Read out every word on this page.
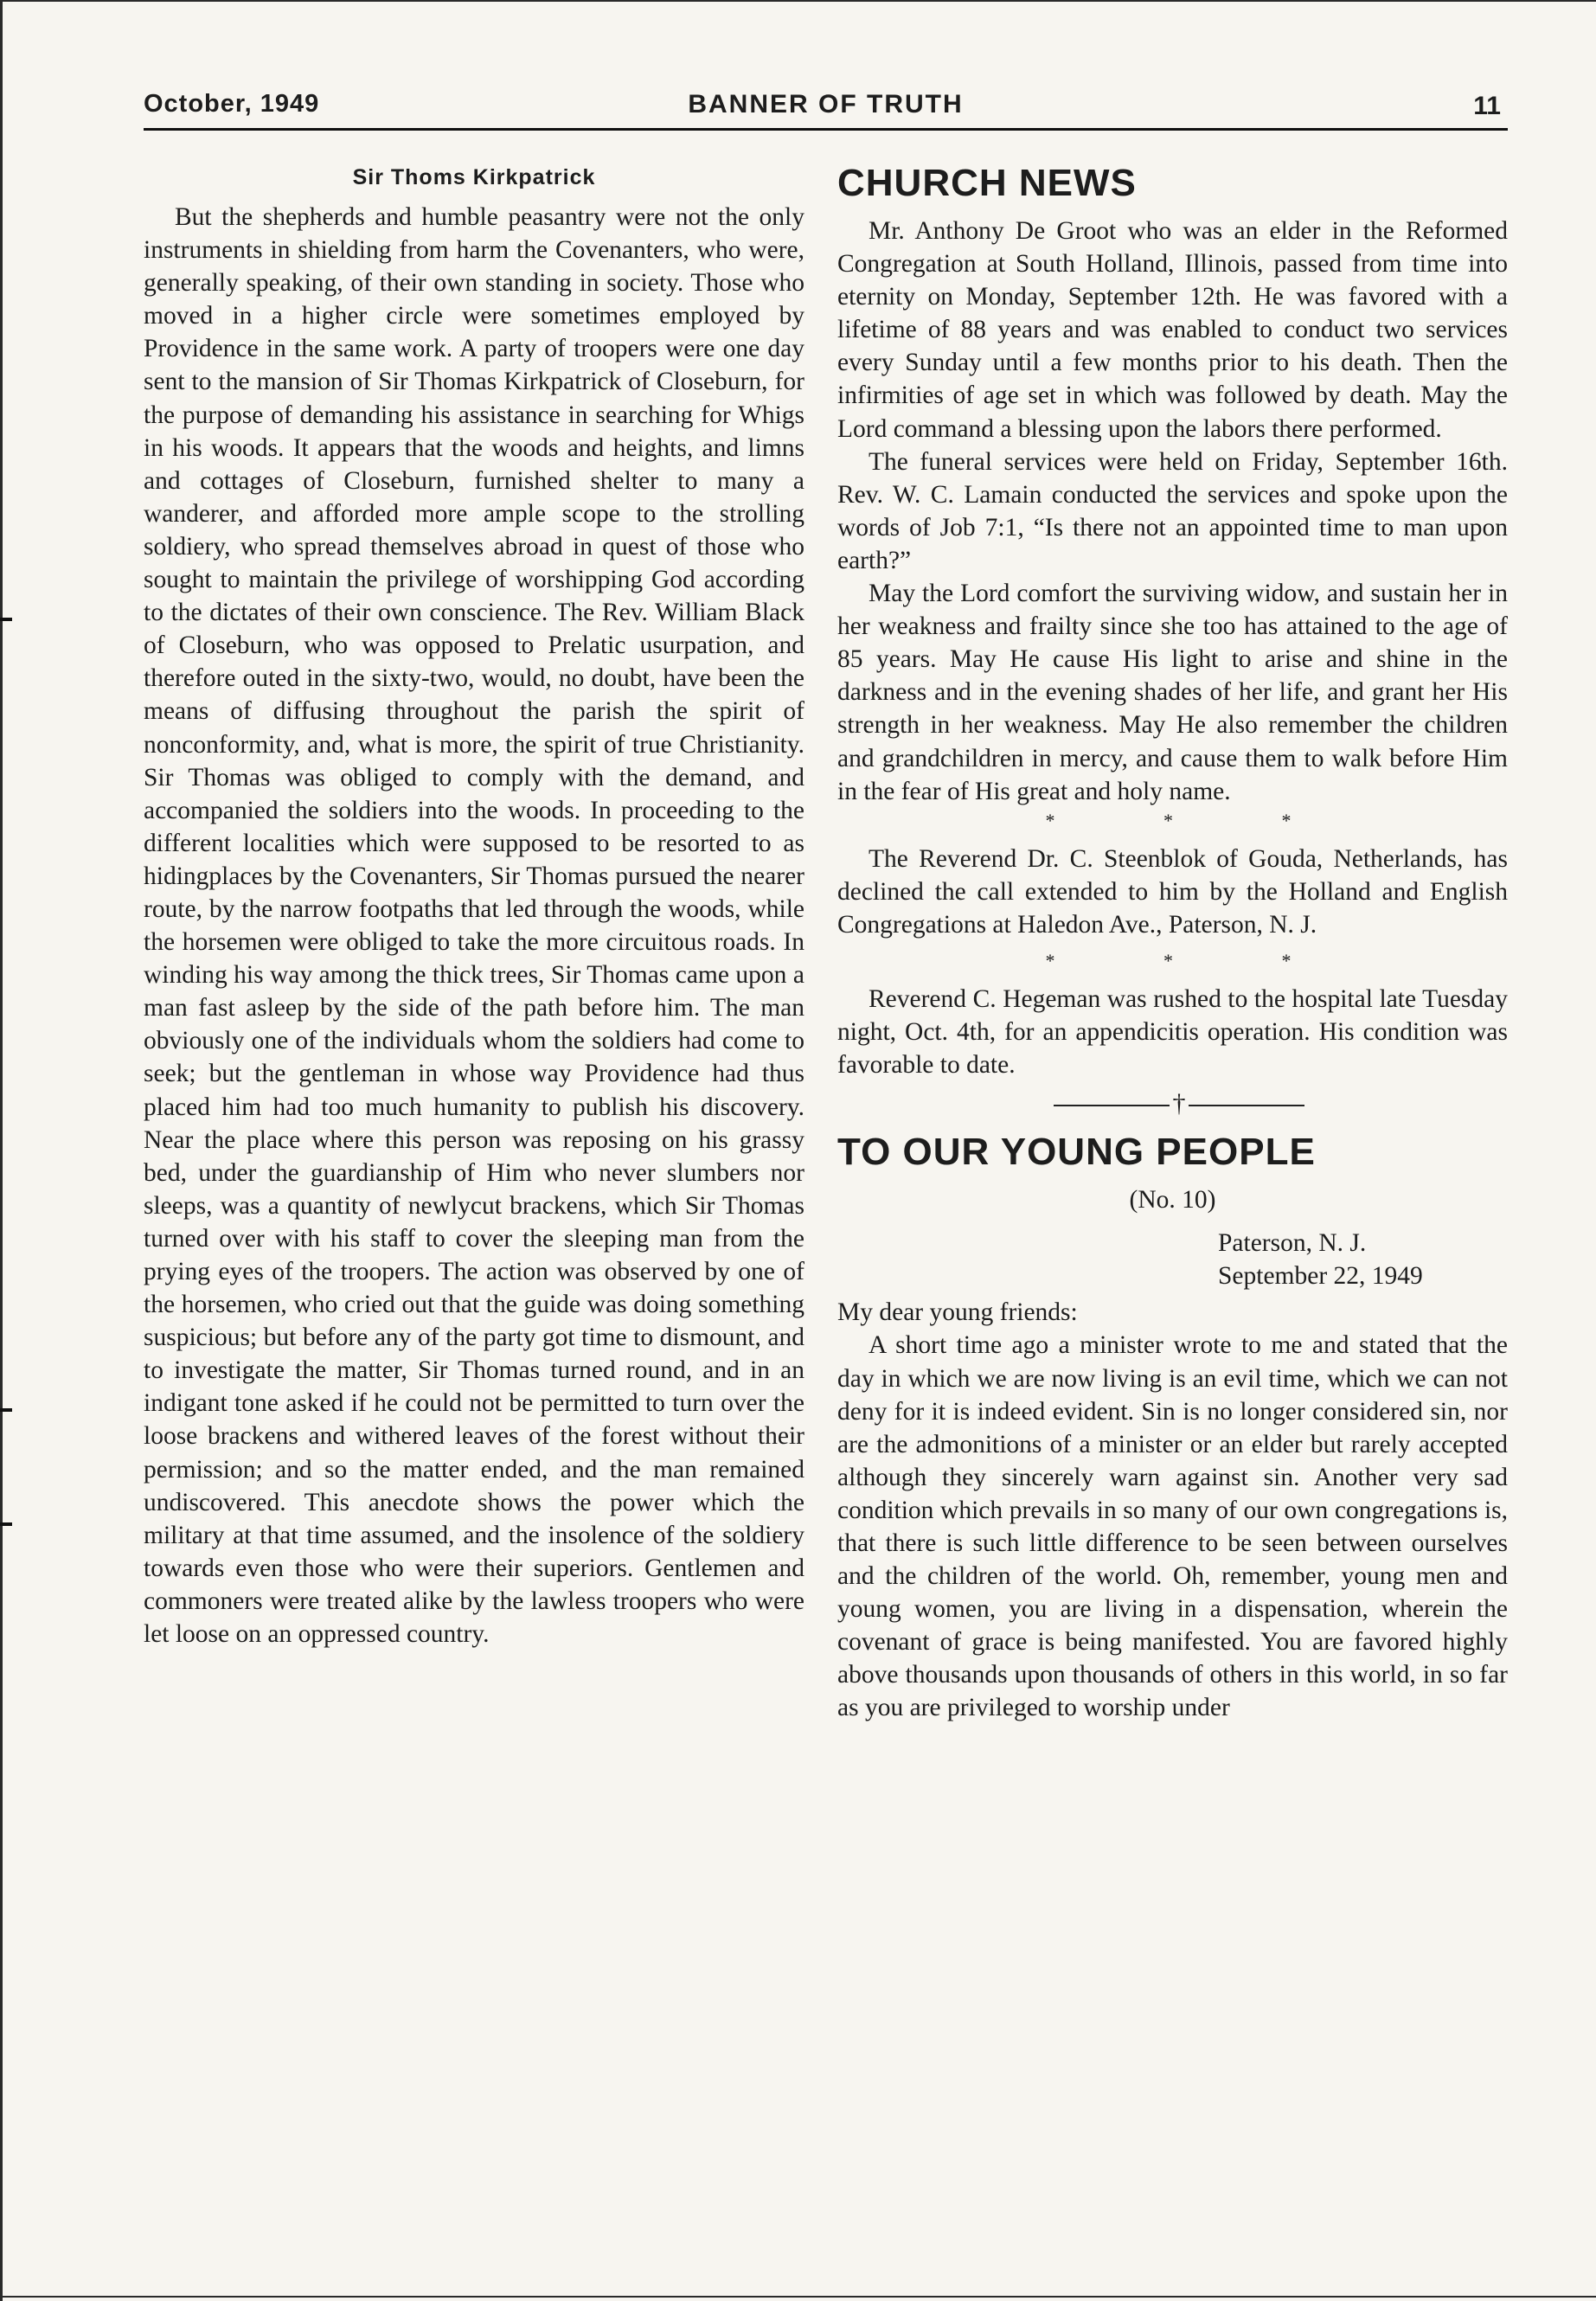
October, 1949	BANNER OF TRUTH	11
Sir Thoms Kirkpatrick

But the shepherds and humble peasantry were not the only instruments in shielding from harm the Covenanters, who were, generally speaking, of their own standing in society. Those who moved in a higher circle were sometimes employed by Providence in the same work. A party of troopers were one day sent to the mansion of Sir Thomas Kirkpatrick of Closeburn, for the purpose of demanding his assistance in searching for Whigs in his woods. It appears that the woods and heights, and limns and cottages of Closeburn, furnished shelter to many a wanderer, and afforded more ample scope to the strolling soldiery, who spread themselves abroad in quest of those who sought to maintain the privilege of worshipping God according to the dictates of their own conscience. The Rev. William Black of Closeburn, who was opposed to Prelatic usurpation, and therefore outed in the sixty-two, would, no doubt, have been the means of diffusing throughout the parish the spirit of nonconformity, and, what is more, the spirit of true Christianity. Sir Thomas was obliged to comply with the demand, and accompanied the soldiers into the woods. In proceeding to the different localities which were supposed to be resorted to as hidingplaces by the Covenanters, Sir Thomas pursued the nearer route, by the narrow footpaths that led through the woods, while the horsemen were obliged to take the more circuitous roads. In winding his way among the thick trees, Sir Thomas came upon a man fast asleep by the side of the path before him. The man obviously one of the individuals whom the soldiers had come to seek; but the gentleman in whose way Providence had thus placed him had too much humanity to publish his discovery. Near the place where this person was reposing on his grassy bed, under the guardianship of Him who never slumbers nor sleeps, was a quantity of newlycut brackens, which Sir Thomas turned over with his staff to cover the sleeping man from the prying eyes of the troopers. The action was observed by one of the horsemen, who cried out that the guide was doing something suspicious; but before any of the party got time to dismount, and to investigate the matter, Sir Thomas turned round, and in an indigant tone asked if he could not be permitted to turn over the loose brackens and withered leaves of the forest without their permission; and so the matter ended, and the man remained undiscovered. This anecdote shows the power which the military at that time assumed, and the insolence of the soldiery towards even those who were their superiors. Gentlemen and commoners were treated alike by the lawless troopers who were let loose on an oppressed country.

CHURCH NEWS

Mr. Anthony De Groot who was an elder in the Reformed Congregation at South Holland, Illinois, passed from time into eternity on Monday, September 12th. He was favored with a lifetime of 88 years and was enabled to conduct two services every Sunday until a few months prior to his death. Then the infirmities of age set in which was followed by death. May the Lord command a blessing upon the labors there performed.

The funeral services were held on Friday, September 16th. Rev. W. C. Lamain conducted the services and spoke upon the words of Job 7:1, “Is there not an appointed time to man upon earth?”

May the Lord comfort the surviving widow, and sustain her in her weakness and frailty since she too has attained to the age of 85 years. May He cause His light to arise and shine in the darkness and in the evening shades of her life, and grant her His strength in her weakness. May He also remember the children and grandchildren in mercy, and cause them to walk before Him in the fear of His great and holy name.

* * *

The Reverend Dr. C. Steenblok of Gouda, Netherlands, has declined the call extended to him by the Holland and English Congregations at Haledon Ave., Paterson, N. J.

* * *

Reverend C. Hegeman was rushed to the hospital late Tuesday night, Oct. 4th, for an appendicitis operation. His condition was favorable to date.

†
TO OUR YOUNG PEOPLE
(No. 10)
Paterson, N. J.
September 22, 1949

My dear young friends:

A short time ago a minister wrote to me and stated that the day in which we are now living is an evil time, which we can not deny for it is indeed evident. Sin is no longer considered sin, nor are the admonitions of a minister or an elder but rarely accepted although they sincerely warn against sin. Another very sad condition which prevails in so many of our own congregations is, that there is such little difference to be seen between ourselves and the children of the world. Oh, remember, young men and young women, you are living in a dispensation, wherein the covenant of grace is being manifested. You are favored highly above thousands upon thousands of others in this world, in so far as you are privileged to worship under
